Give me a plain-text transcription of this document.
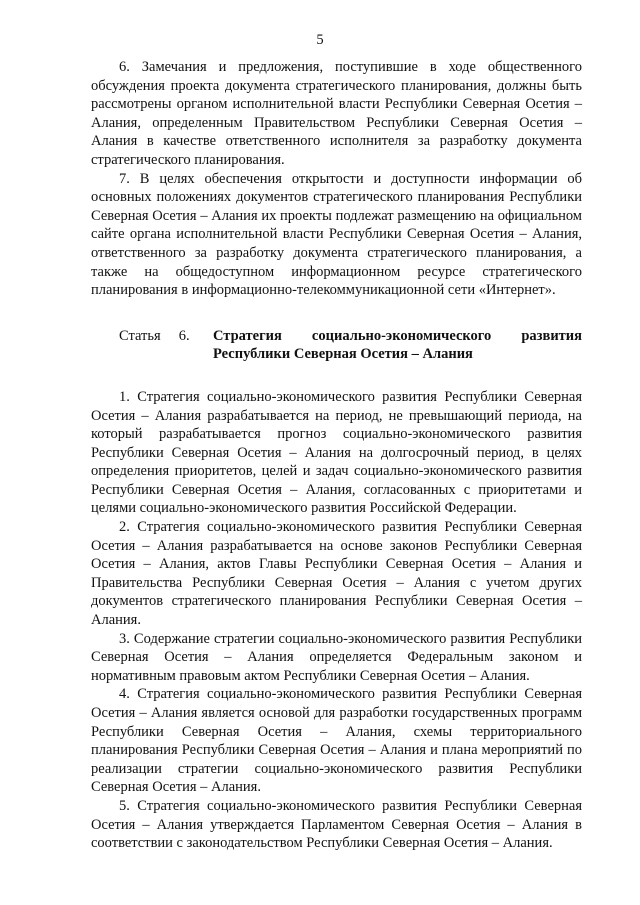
5

6. Замечания и предложения, поступившие в ходе общественного обсуждения проекта документа стратегического планирования, должны быть рассмотрены органом исполнительной власти Республики Северная Осетия – Алания, определенным Правительством Республики Северная Осетия – Алания в качестве ответственного исполнителя за разработку документа стратегического планирования.

7. В целях обеспечения открытости и доступности информации об основных положениях документов стратегического планирования Республики Северная Осетия – Алания их проекты подлежат размещению на официальном сайте органа исполнительной власти Республики Северная Осетия – Алания, ответственного за разработку документа стратегического планирования, а также на общедоступном информационном ресурсе стратегического планирования в информационно-телекоммуникационной сети «Интернет».

Статья 6. Стратегия социально-экономического развития
Республики Северная Осетия – Алания

1. Стратегия социально-экономического развития Республики Северная Осетия – Алания разрабатывается на период, не превышающий периода, на который разрабатывается прогноз социально-экономического развития Республики Северная Осетия – Алания на долгосрочный период, в целях определения приоритетов, целей и задач социально-экономического развития Республики Северная Осетия – Алания, согласованных с приоритетами и целями социально-экономического развития Российской Федерации.

2. Стратегия социально-экономического развития Республики Северная Осетия – Алания разрабатывается на основе законов Республики Северная Осетия – Алания, актов Главы Республики Северная Осетия – Алания и Правительства Республики Северная Осетия – Алания с учетом других документов стратегического планирования Республики Северная Осетия – Алания.

3. Содержание стратегии социально-экономического развития Республики Северная Осетия – Алания определяется Федеральным законом и нормативным правовым актом Республики Северная Осетия – Алания.

4. Стратегия социально-экономического развития Республики Северная Осетия – Алания является основой для разработки государственных программ Республики Северная Осетия – Алания, схемы территориального планирования Республики Северная Осетия – Алания и плана мероприятий по реализации стратегии социально-экономического развития Республики Северная Осетия – Алания.

5. Стратегия социально-экономического развития Республики Северная Осетия – Алания утверждается Парламентом Северная Осетия – Алания в соответствии с законодательством Республики Северная Осетия – Алания.
